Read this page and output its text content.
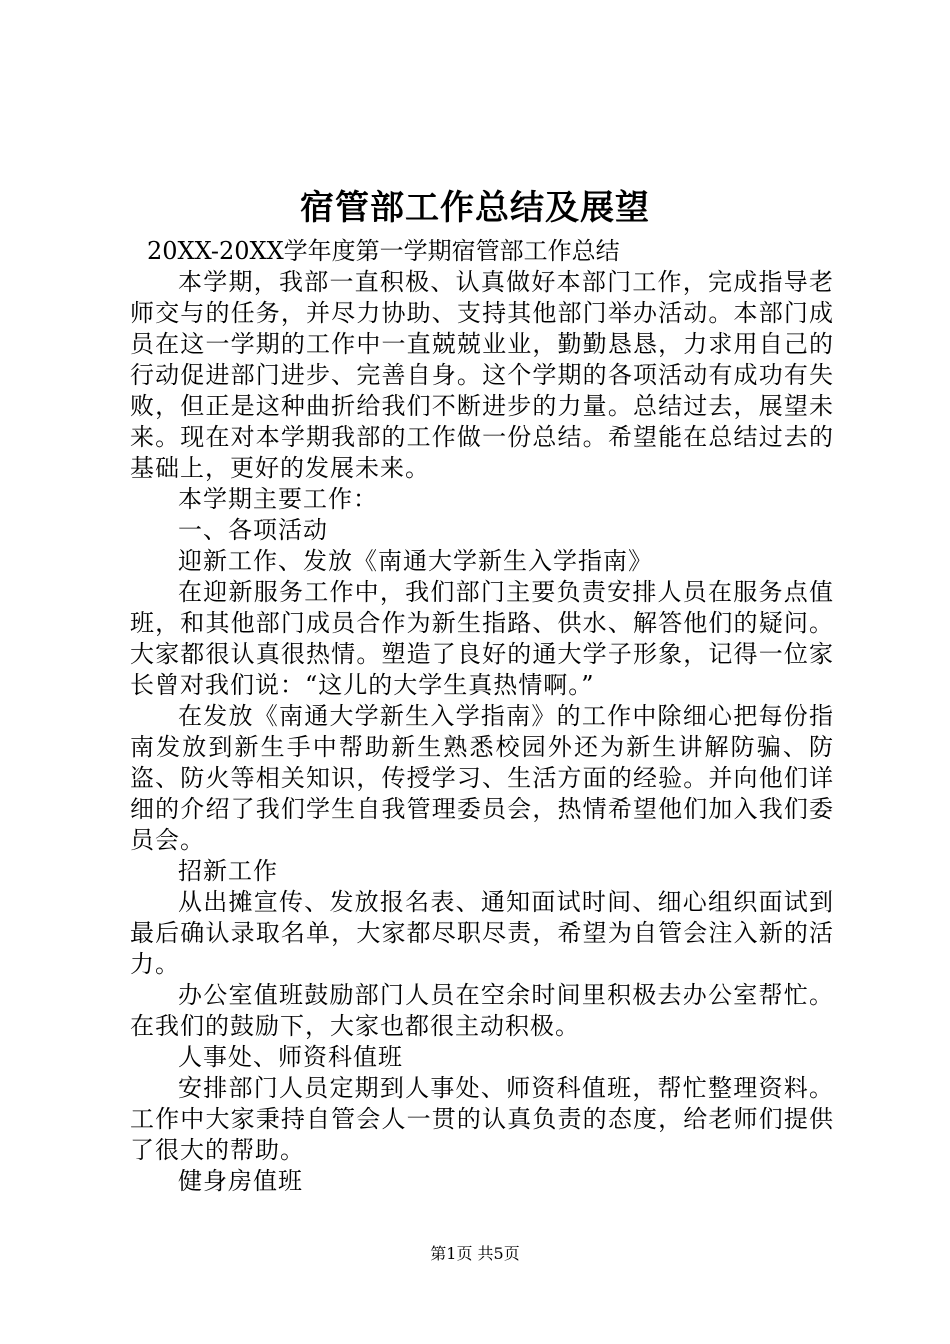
宿管部工作总结及展望

20XX-20XX学年度第一学期宿管部工作总结

本学期，我部一直积极、认真做好本部门工作，完成指导老师交与的任务，并尽力协助、支持其他部门举办活动。本部门成员在这一学期的工作中一直兢兢业业，勤勤恳恳，力求用自己的行动促进部门进步、完善自身。这个学期的各项活动有成功有失败，但正是这种曲折给我们不断进步的力量。总结过去，展望未来。现在对本学期我部的工作做一份总结。希望能在总结过去的基础上，更好的发展未来。

本学期主要工作：

一、各项活动

迎新工作、发放《南通大学新生入学指南》

在迎新服务工作中，我们部门主要负责安排人员在服务点值班，和其他部门成员合作为新生指路、供水、解答他们的疑问。大家都很认真很热情。塑造了良好的通大学子形象，记得一位家长曾对我们说：“这儿的大学生真热情啊。”

在发放《南通大学新生入学指南》的工作中除细心把每份指南发放到新生手中帮助新生熟悉校园外还为新生讲解防骗、防盗、防火等相关知识，传授学习、生活方面的经验。并向他们详细的介绍了我们学生自我管理委员会，热情希望他们加入我们委员会。

招新工作

从出摊宣传、发放报名表、通知面试时间、细心组织面试到最后确认录取名单，大家都尽职尽责，希望为自管会注入新的活力。

办公室值班鼓励部门人员在空余时间里积极去办公室帮忙。在我们的鼓励下，大家也都很主动积极。

人事处、师资科值班

安排部门人员定期到人事处、师资科值班，帮忙整理资料。工作中大家秉持自管会人一贯的认真负责的态度，给老师们提供了很大的帮助。

健身房值班

第1页 共5页
